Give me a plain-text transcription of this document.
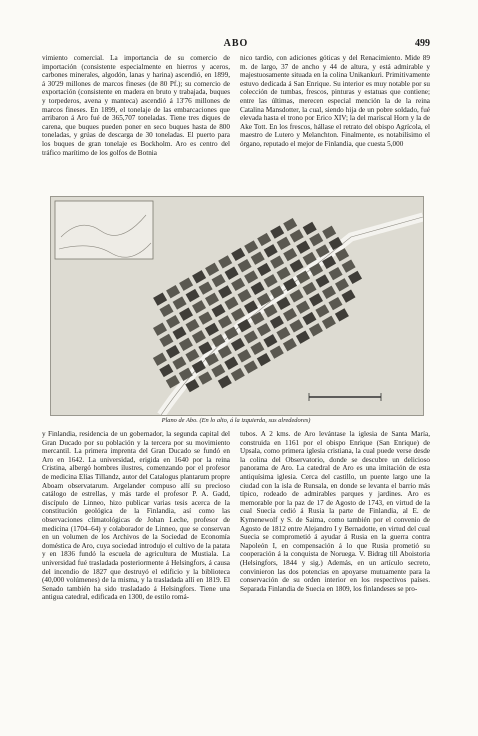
ABO	499

vimiento comercial. La importancia de su comercio de importación (consistente especialmente en hierros y aceros, carbones minerales, algodón, lanas y harina) ascendió, en 1899, á 30'29 millones de marcos fineses (de 80 Pf.); su comercio de exportación (consistente en madera en bruto y trabajada, buques y torpederos, avena y manteca) ascendió á 13'76 millones de marcos fineses. En 1899, el tonelaje de las embarcaciones que arribaron á Aro fué de 365,707 toneladas. Tiene tres diques de carena, que buques pueden poner en seco buques hasta de 800 toneladas, y grúas de descarga de 30 toneladas. El puerto para los buques de gran tonelaje es Bockholm. Aro es centro del tráfico marítimo de los golfos de Botnia

nico tardío, con adiciones góticas y del Renacimiento. Mide 89 m. de largo, 37 de ancho y 44 de altura, y está admirable y majestuosamente situada en la colina Unikankuri. Primitivamente estuvo dedicada á San Enrique. Su interior es muy notable por su colección de tumbas, frescos, pinturas y estatuas que contiene; entre las últimas, merecen especial mención la de la reina Catalina Mansdotter, la cual, siendo hija de un pobre soldado, fué elevada hasta el trono por Erico XIV; la del mariscal Horn y la de Ake Tott. En los frescos, hállase el retrato del obispo Agrícola, el maestro de Lutero y Melanchton. Finalmente, es notabilísimo el órgano, reputado el mejor de Finlandia, que cuesta 5,000

Plano de Abo. (En lo alto, á la izquierda, sus alrededores)

y Finlandia, residencia de un gobernador, la segunda capital del Gran Ducado por su población y la tercera por su movimiento mercantil. La primera imprenta del Gran Ducado se fundó en Aro en 1642. La universidad, erigida en 1640 por la reina Cristina, albergó hombres ilustres, comenzando por el profesor de medicina Elías Tillandz, autor del Catalogus plantarum propre Aboam observatarum. Argelander compuso allí su precioso catálogo de estrellas, y más tarde el profesor P. A. Gadd, discípulo de Linneo, hizo publicar varias tesis acerca de la constitución geológica de la Finlandia, así como las observaciones climatológicas de Johan Leche, profesor de medicina (1704–64) y colaborador de Linneo, que se conservan en un volumen de los Archivos de la Sociedad de Economía doméstica de Aro, cuya sociedad introdujo el cultivo de la patata y en 1836 fundó la escuela de agricultura de Mustiala. La universidad fué trasladada posteriormente á Helsingfors, á causa del incendio de 1827 que destruyó el edificio y la biblioteca (40,000 volúmenes) de la misma, y la trasladada allí en 1819. El Senado también ha sido trasladado á Helsingfors. Tiene una antigua catedral, edificada en 1300, de estilo romá-

tubos. A 2 kms. de Aro levántase la iglesia de Santa María, construida en 1161 por el obispo Enrique (San Enrique) de Upsala, como primera iglesia cristiana, la cual puede verse desde la colina del Observatorio, donde se descubre un delicioso panorama de Aro. La catedral de Aro es una imitación de esta antiquísima iglesia. Cerca del castillo, un puente largo une la ciudad con la isla de Runsala, en donde se levanta el barrio más típico, rodeado de admirables parques y jardines. Aro es memorable por la paz de 17 de Agosto de 1743, en virtud de la cual Suecia cedió á Rusia la parte de Finlandia, al E. de Kymenewolf y S. de Saima, como también por el convenio de Agosto de 1812 entre Alejandro I y Bernadotte, en virtud del cual Suecia se comprometió á ayudar á Rusia en la guerra contra Napoleón I, en compensación á lo que Rusia prometió su cooperación á la conquista de Noruega. V. Bidrag till Aboistoria (Helsingfors, 1844 y sig.) Además, en un artículo secreto, convinieron las dos potencias en apoyarse mutuamente para la conservación de su orden interior en los respectivos países. Separada Finlandia de Suecia en 1809, los finlandeses se pro-
